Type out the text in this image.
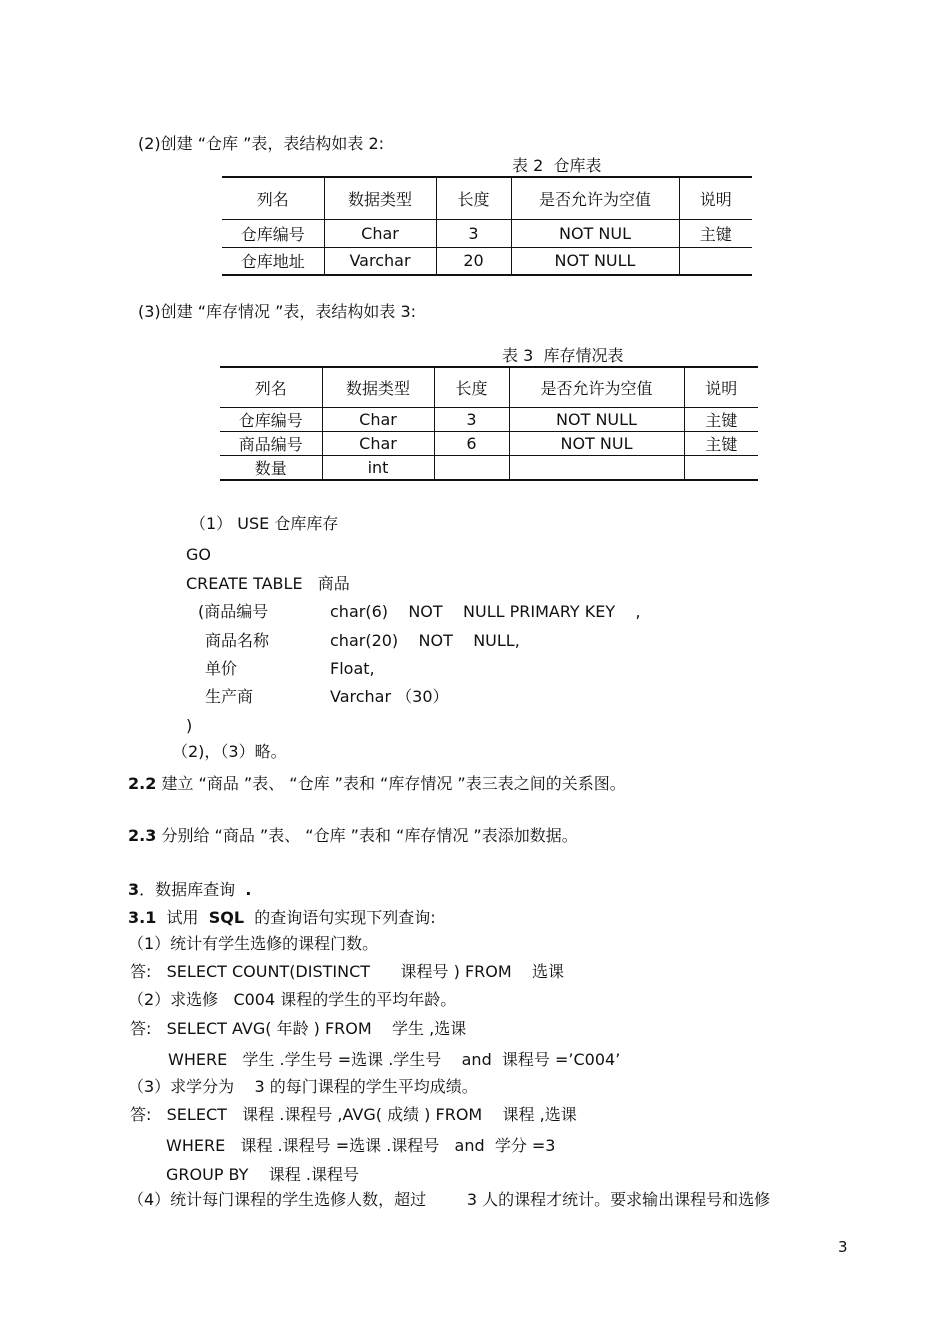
(2)创建 “仓库 ”表，表结构如表 2:
表 2  仓库表
列名	数据类型	长度	是否允许为空值	说明
仓库编号	Char	3	NOT NUL	主键
仓库地址	Varchar	20	NOT NULL	
(3)创建 “库存情况 ”表，表结构如表 3:
表 3  库存情况表
列名	数据类型	长度	是否允许为空值	说明
仓库编号	Char	3	NOT NULL	主键
商品编号	Char	6	NOT NUL	主键
数量	int			
（1） USE 仓库库存
GO
CREATE TABLE   商品
(商品编号	char(6)    NOT    NULL PRIMARY KEY    ,
商品名称	char(20)    NOT    NULL,
单价	Float,
生产商	Varchar （30）
)
（2)，（3）略。
2.2 建立 “商品 ”表、 “仓库 ”表和 “库存情况 ”表三表之间的关系图。
2.3 分别给 “商品 ”表、 “仓库 ”表和 “库存情况 ”表添加数据。
3．数据库查询 .
3.1 试用 SQL 的查询语句实现下列查询:
（1）统计有学生选修的课程门数。
答:   SELECT COUNT(DISTINCT      课程号 ) FROM    选课
（2）求选修   C004 课程的学生的平均年龄。
答:   SELECT AVG( 年龄 ) FROM    学生 ,选课
WHERE   学生 .学生号 =选课 .学生号    and  课程号 =’C004’
（3）求学分为    3 的每门课程的学生平均成绩。
答:   SELECT   课程 .课程号 ,AVG( 成绩 ) FROM    课程 ,选课
WHERE   课程 .课程号 =选课 .课程号   and  学分 =3
GROUP BY    课程 .课程号
（4）统计每门课程的学生选修人数，超过        3 人的课程才统计。要求输出课程号和选修
3
